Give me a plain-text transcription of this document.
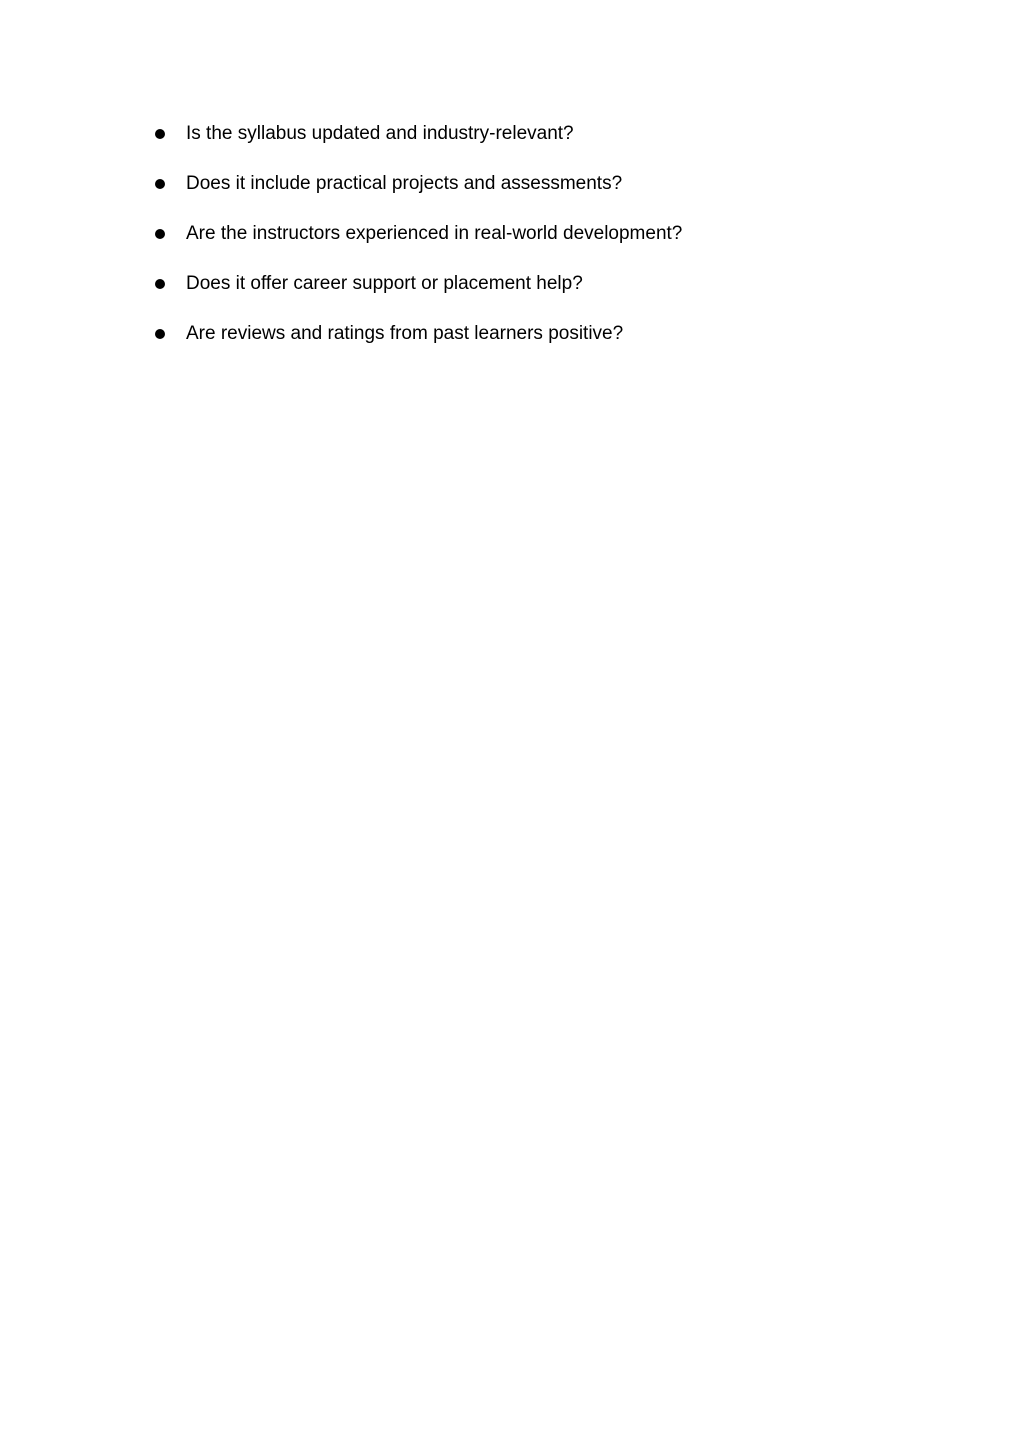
Is the syllabus updated and industry-relevant?
Does it include practical projects and assessments?
Are the instructors experienced in real-world development?
Does it offer career support or placement help?
Are reviews and ratings from past learners positive?
